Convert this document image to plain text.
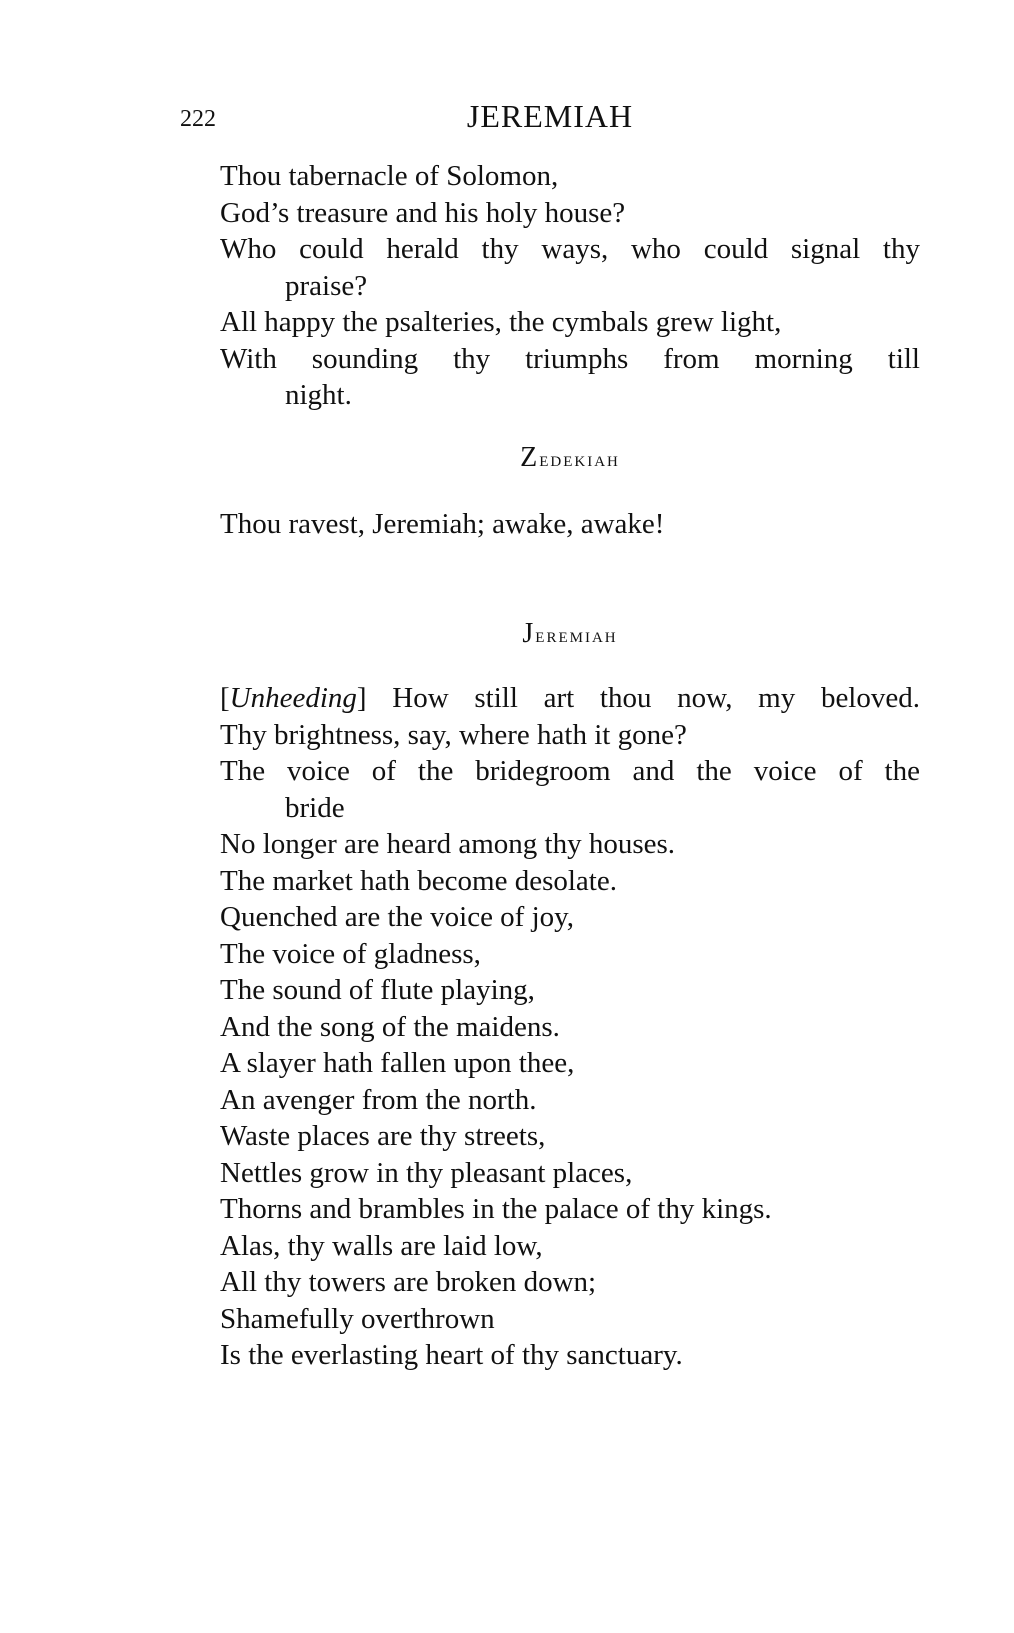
222	JEREMIAH
Thou tabernacle of Solomon,
God’s treasure and his holy house?
Who could herald thy ways, who could signal thy
praise?
All happy the psalteries, the cymbals grew light,
With sounding thy triumphs from morning till
night.
Zedekiah
Thou ravest, Jeremiah; awake, awake!
Jeremiah
[Unheeding] How still art thou now, my beloved.
Thy brightness, say, where hath it gone?
The voice of the bridegroom and the voice of the
bride
No longer are heard among thy houses.
The market hath become desolate.
Quenched are the voice of joy,
The voice of gladness,
The sound of flute playing,
And the song of the maidens.
A slayer hath fallen upon thee,
An avenger from the north.
Waste places are thy streets,
Nettles grow in thy pleasant places,
Thorns and brambles in the palace of thy kings.
Alas, thy walls are laid low,
All thy towers are broken down;
Shamefully overthrown
Is the everlasting heart of thy sanctuary.
